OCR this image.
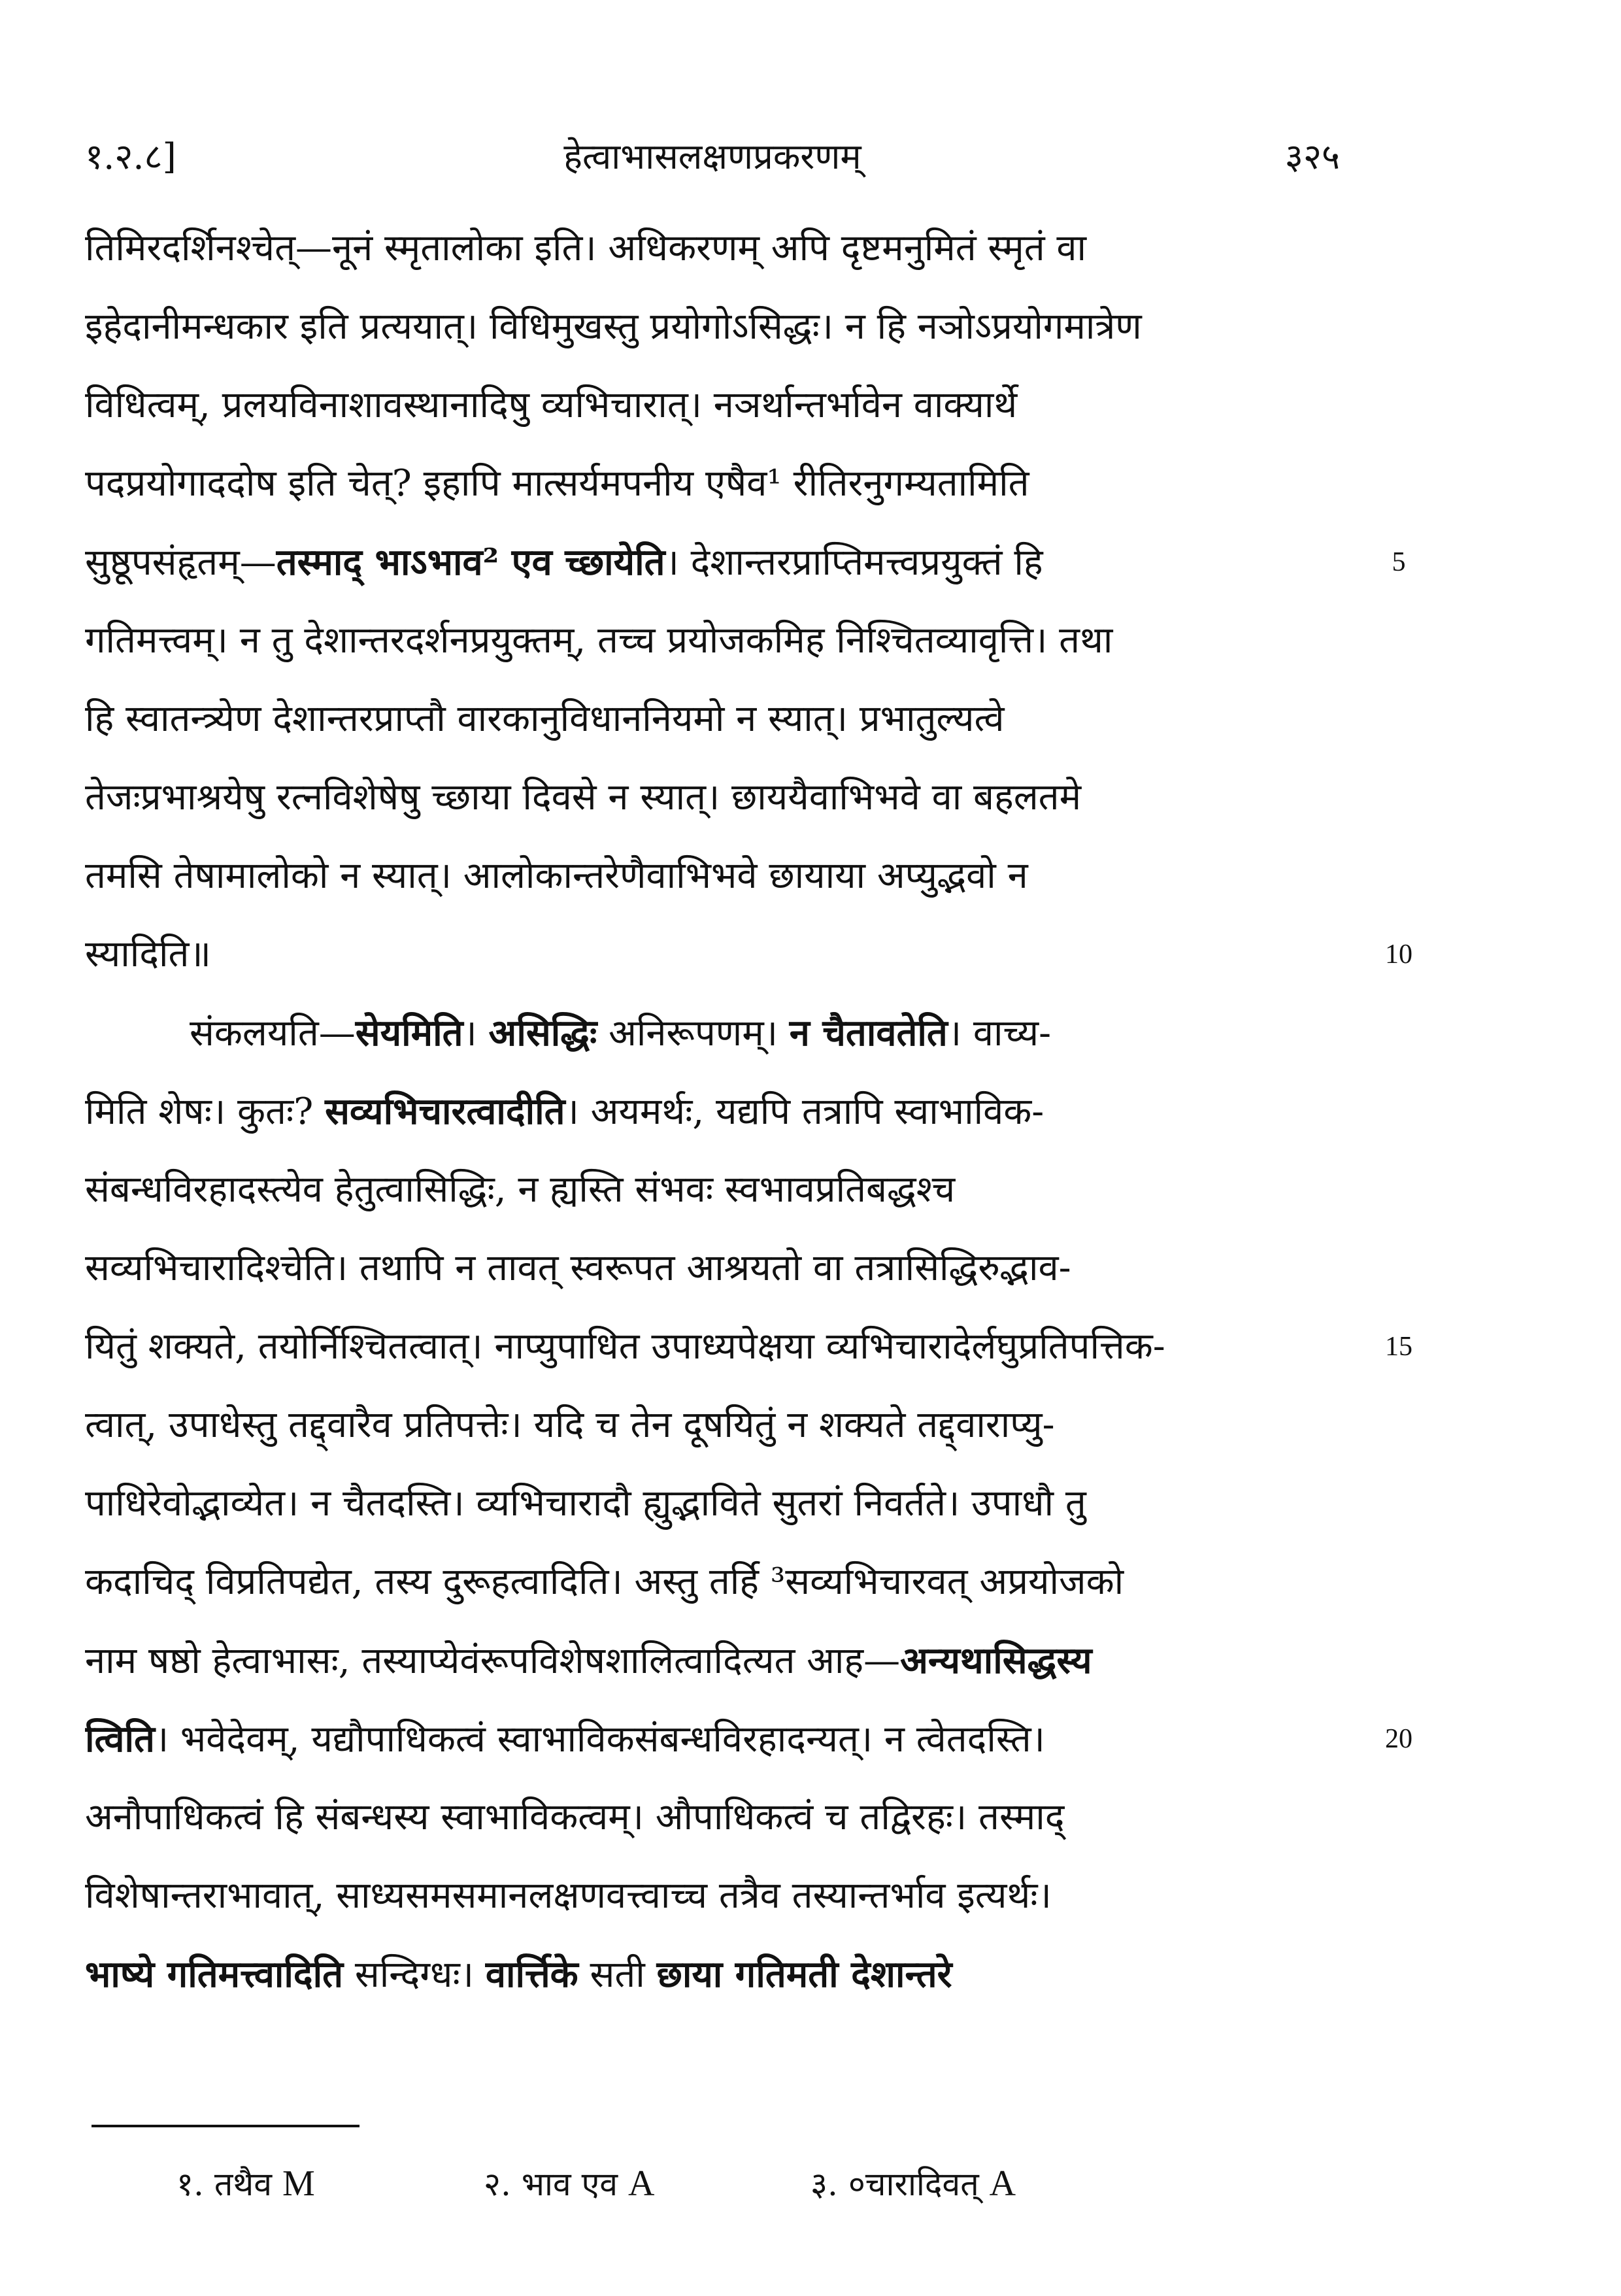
१.२.८]	हेत्वाभासलक्षणप्रकरणम्	३२५
तिमिरदर्शिनश्चेत्—नूनं स्मृतालोका इति। अधिकरणम् अपि दृष्टमनुमितं स्मृतं वा
इहेदानीमन्धकार इति प्रत्ययात्। विधिमुखस्तु प्रयोगोऽसिद्धः। न हि नञोऽप्रयोगमात्रेण
विधित्वम्, प्रलयविनाशावस्थानादिषु व्यभिचारात्। नञर्थान्तर्भावेन वाक्यार्थे
पदप्रयोगाददोष इति चेत्? इहापि मात्सर्यमपनीय एषैव¹ रीतिरनुगम्यतामिति
सुष्ठूपसंहृतम्—तस्माद् भाऽभाव² एव च्छायेति। देशान्तरप्राप्तिमत्त्वप्रयुक्तं हि
गतिमत्त्वम्। न तु देशान्तरदर्शनप्रयुक्तम्, तच्च प्रयोजकमिह निश्चितव्यावृत्ति। तथा
हि स्वातन्त्र्येण देशान्तरप्राप्तौ वारकानुविधाननियमो न स्यात्। प्रभातुल्यत्वे
तेजःप्रभाश्रयेषु रत्नविशेषेषु च्छाया दिवसे न स्यात्। छाययैवाभिभवे वा बहलतमे
तमसि तेषामालोको न स्यात्। आलोकान्तरेणैवाभिभवे छायाया अप्युद्भवो न
स्यादिति॥
संकलयति—सेयमिति। असिद्धिः अनिरूपणम्। न चैतावतेति। वाच्य-
मिति शेषः। कुतः? सव्यभिचारत्वादीति। अयमर्थः, यद्यपि तत्रापि स्वाभाविक-
संबन्धविरहादस्त्येव हेतुत्वासिद्धिः, न ह्यस्ति संभवः स्वभावप्रतिबद्धश्च
सव्यभिचारादिश्चेति। तथापि न तावत् स्वरूपत आश्रयतो वा तत्रासिद्धिरुद्भाव-
यितुं शक्यते, तयोर्निश्चितत्वात्। नाप्युपाधित उपाध्यपेक्षया व्यभिचारादेर्लघुप्रतिपत्तिक-
त्वात्, उपाधेस्तु तद्द्वारैव प्रतिपत्तेः। यदि च तेन दूषयितुं न शक्यते तद्द्वाराप्यु-
पाधिरेवोद्भाव्येत। न चैतदस्ति। व्यभिचारादौ ह्युद्भाविते सुतरां निवर्तते। उपाधौ तु
कदाचिद् विप्रतिपद्येत, तस्य दुरूहत्वादिति। अस्तु तर्हि ³सव्यभिचारवत् अप्रयोजको
नाम षष्ठो हेत्वाभासः, तस्याप्येवंरूपविशेषशालित्वादित्यत आह—अन्यथासिद्धस्य
त्विति। भवेदेवम्, यद्यौपाधिकत्वं स्वाभाविकसंबन्धविरहादन्यत्। न त्वेतदस्ति।
अनौपाधिकत्वं हि संबन्धस्य स्वाभाविकत्वम्। औपाधिकत्वं च तद्विरहः। तस्माद्
विशेषान्तराभावात्, साध्यसमसमानलक्षणवत्त्वाच्च तत्रैव तस्यान्तर्भाव इत्यर्थः।
भाष्ये गतिमत्त्वादिति सन्दिग्धः। वार्त्तिके सती छाया गतिमती देशान्तरे
5
10
15
20
१. तथैव M	२. भाव एव A	३. ०चारादिवत् A
